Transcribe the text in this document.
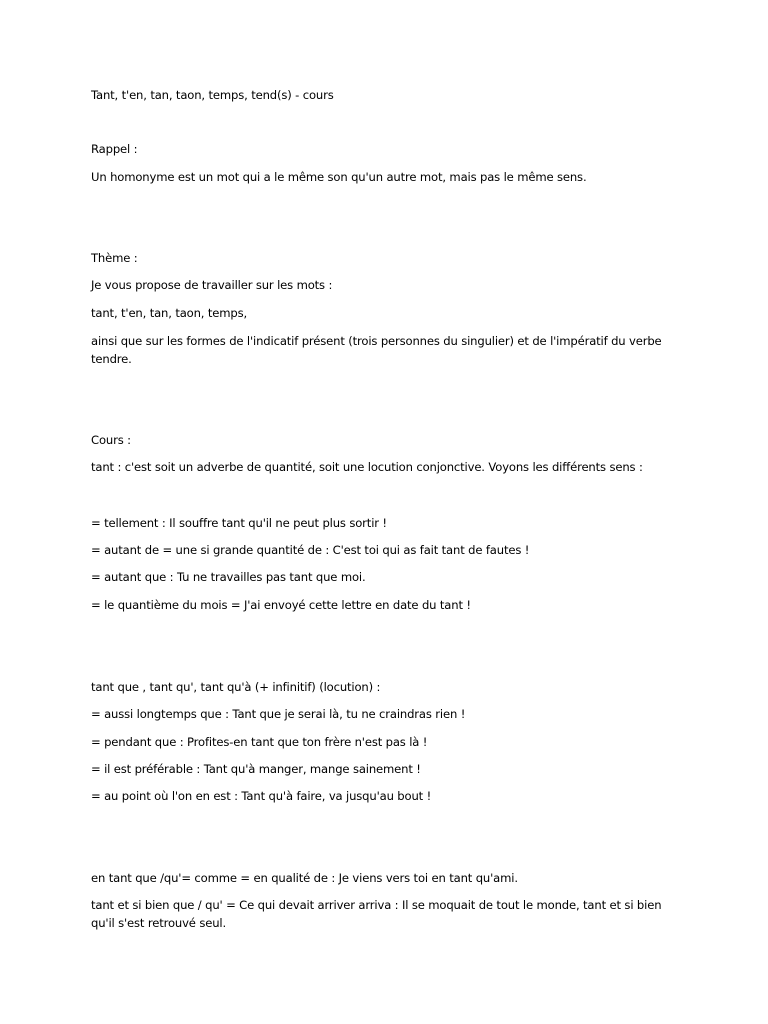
Tant, t'en, tan, taon, temps, tend(s) - cours
Rappel :
Un homonyme est un mot qui a le même son qu'un autre mot, mais pas le même sens.
Thème :
Je vous propose de travailler sur les mots :
tant, t'en, tan, taon, temps,
ainsi que sur les formes de l'indicatif présent (trois personnes du singulier) et de l'impératif du verbe tendre.
Cours :
tant : c'est soit un adverbe de quantité, soit une locution conjonctive. Voyons les différents sens :
= tellement : Il souffre tant qu'il ne peut plus sortir !
= autant de = une si grande quantité de : C'est toi qui as fait tant de fautes !
= autant que : Tu ne travailles pas tant que moi.
= le quantième du mois = J'ai envoyé cette lettre en date du tant !
tant que , tant qu', tant qu'à (+ infinitif) (locution) :
= aussi longtemps que : Tant que je serai là, tu ne craindras rien !
= pendant que : Profites-en tant que ton frère n'est pas là !
= il est préférable : Tant qu'à manger, mange sainement !
= au point où l'on en est : Tant qu'à faire, va jusqu'au bout !
en tant que /qu'= comme = en qualité de : Je viens vers toi en tant qu'ami.
tant et si bien que / qu' = Ce qui devait arriver arriva : Il se moquait de tout le monde, tant et si bien qu'il s'est retrouvé seul.
